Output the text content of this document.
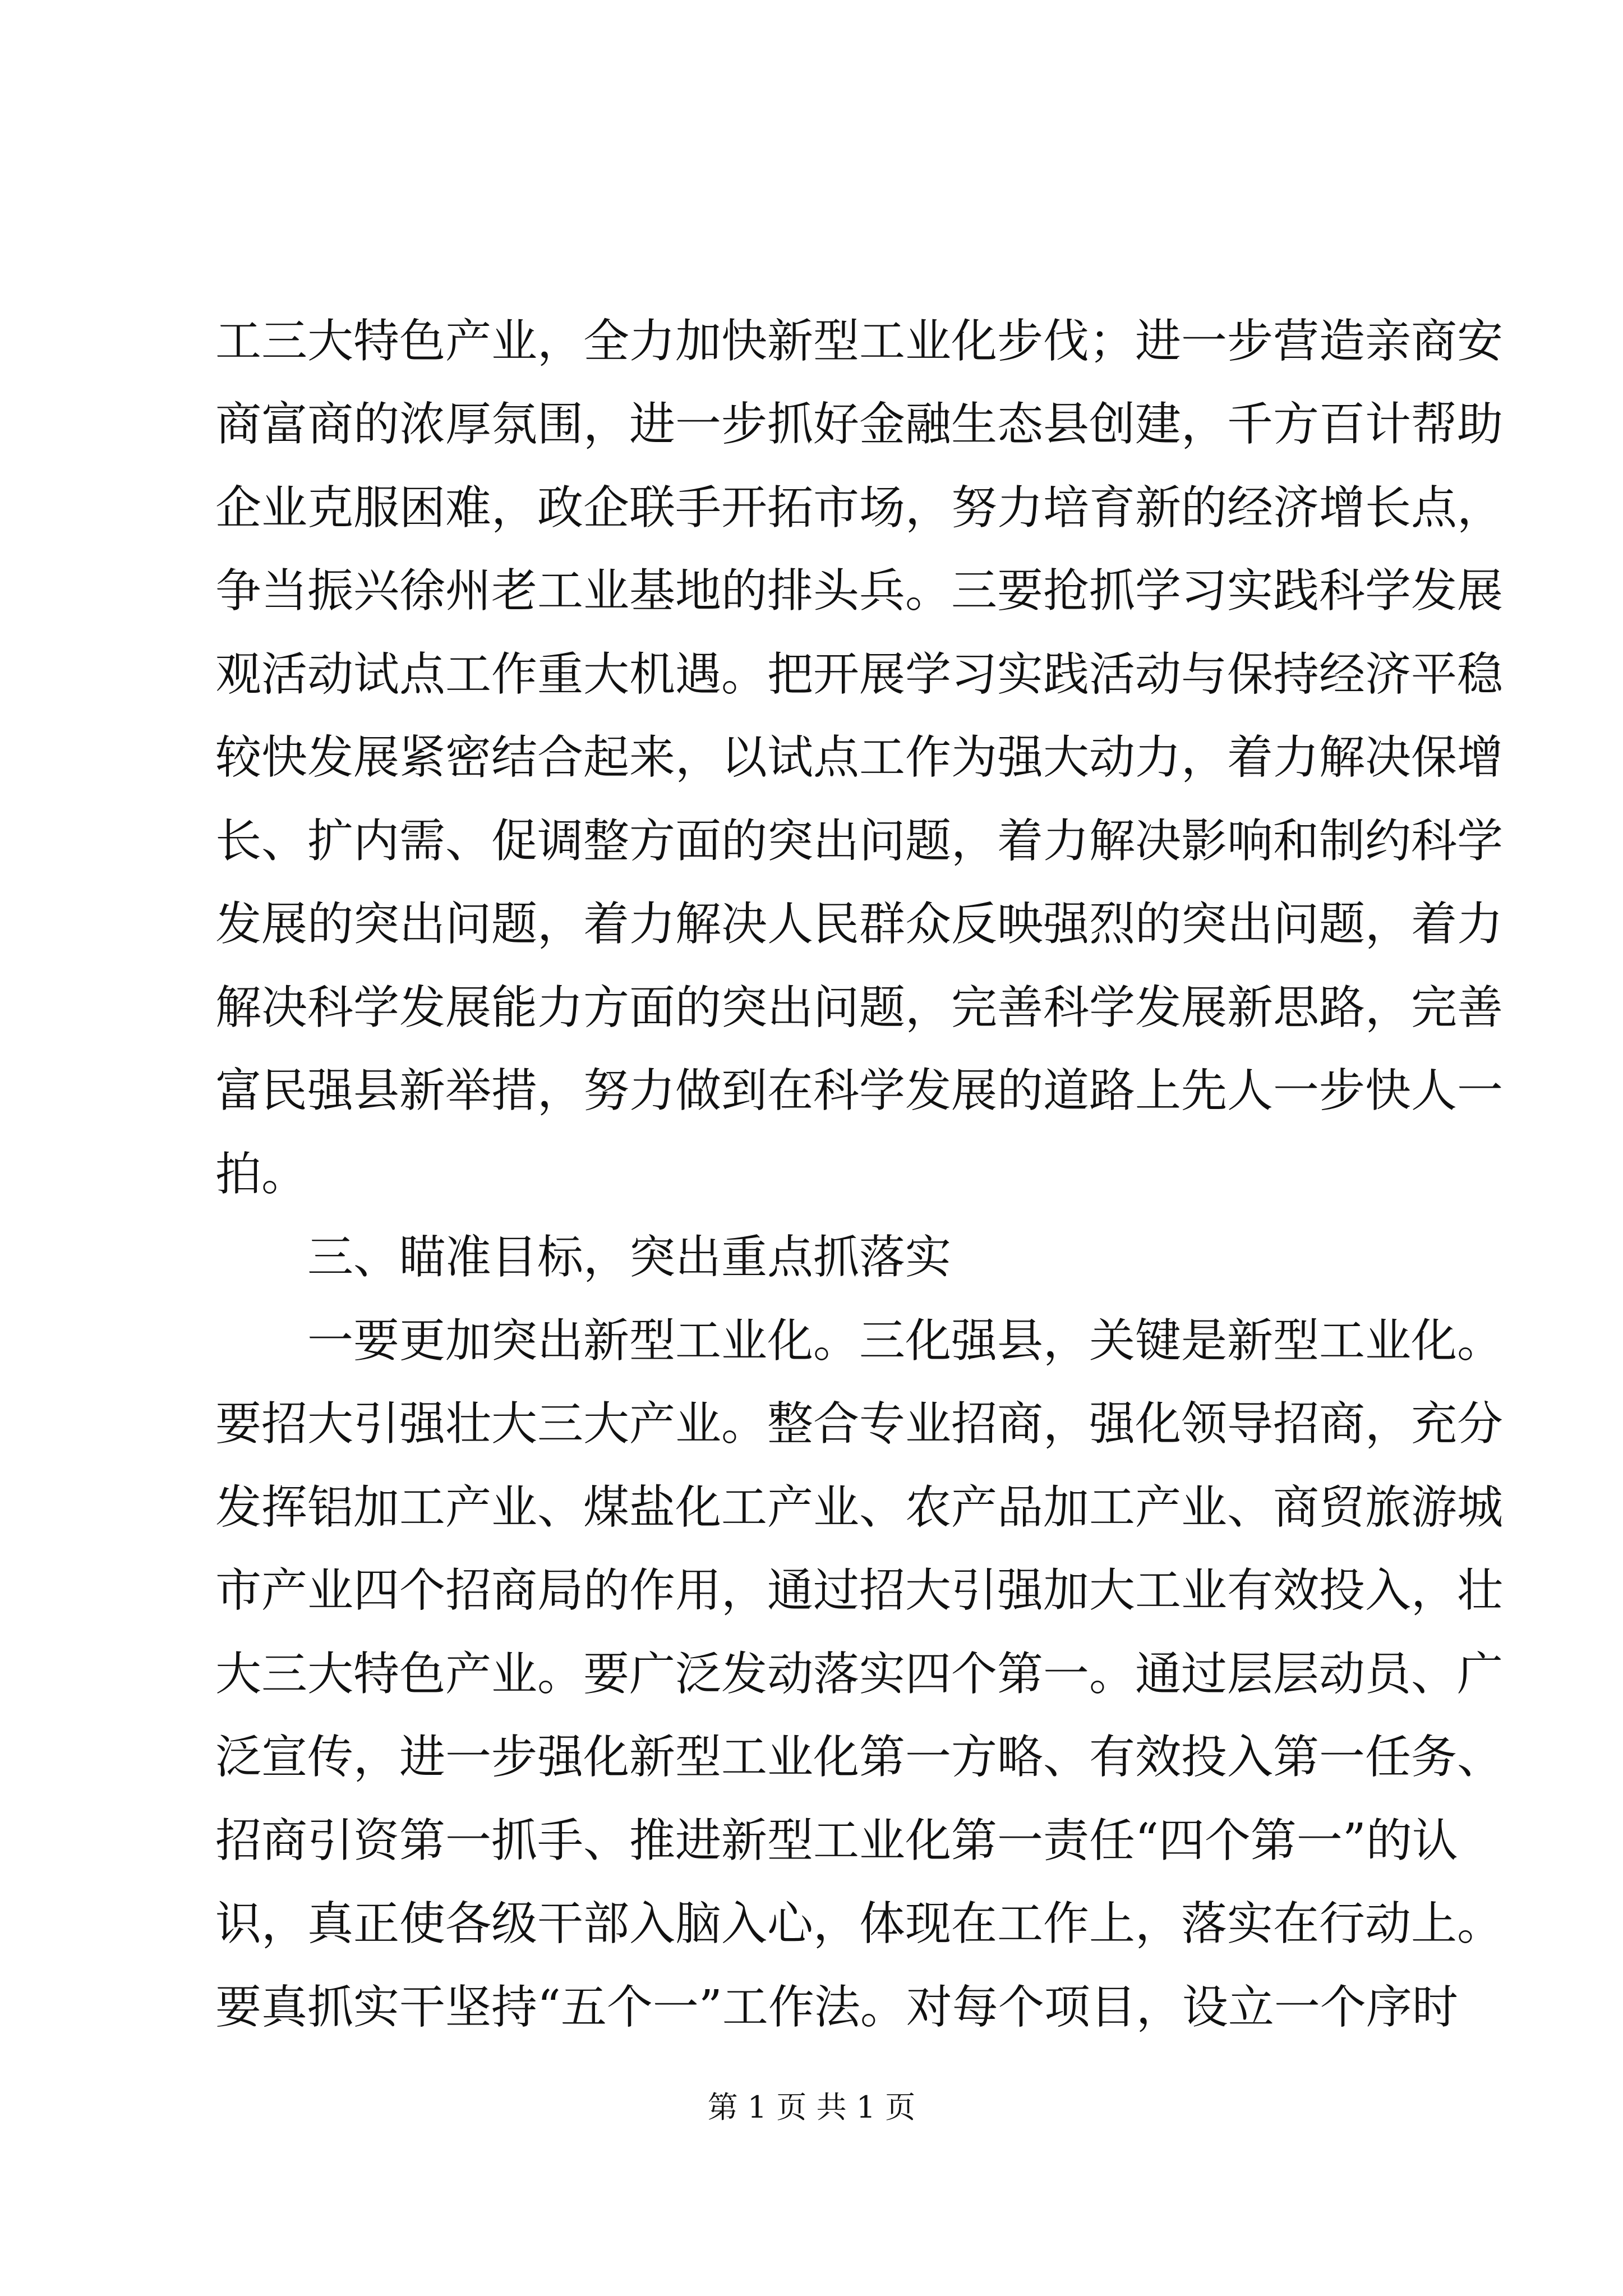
工三大特色产业，全力加快新型工业化步伐；进一步营造亲商安
商富商的浓厚氛围，进一步抓好金融生态县创建，千方百计帮助
企业克服困难，政企联手开拓市场，努力培育新的经济增长点，
争当振兴徐州老工业基地的排头兵。三要抢抓学习实践科学发展
观活动试点工作重大机遇。把开展学习实践活动与保持经济平稳
较快发展紧密结合起来，以试点工作为强大动力，着力解决保增
长、扩内需、促调整方面的突出问题，着力解决影响和制约科学
发展的突出问题，着力解决人民群众反映强烈的突出问题，着力
解决科学发展能力方面的突出问题，完善科学发展新思路，完善
富民强县新举措，努力做到在科学发展的道路上先人一步快人一
拍。
三、瞄准目标，突出重点抓落实
一要更加突出新型工业化。三化强县，关键是新型工业化。
要招大引强壮大三大产业。整合专业招商，强化领导招商，充分
发挥铝加工产业、煤盐化工产业、农产品加工产业、商贸旅游城
市产业四个招商局的作用，通过招大引强加大工业有效投入，壮
大三大特色产业。要广泛发动落实四个第一。通过层层动员、广
泛宣传，进一步强化新型工业化第一方略、有效投入第一任务、
招商引资第一抓手、推进新型工业化第一责任“四个第一”的认
识，真正使各级干部入脑入心，体现在工作上，落实在行动上。
要真抓实干坚持“五个一”工作法。对每个项目，设立一个序时
第 1 页 共 1 页
